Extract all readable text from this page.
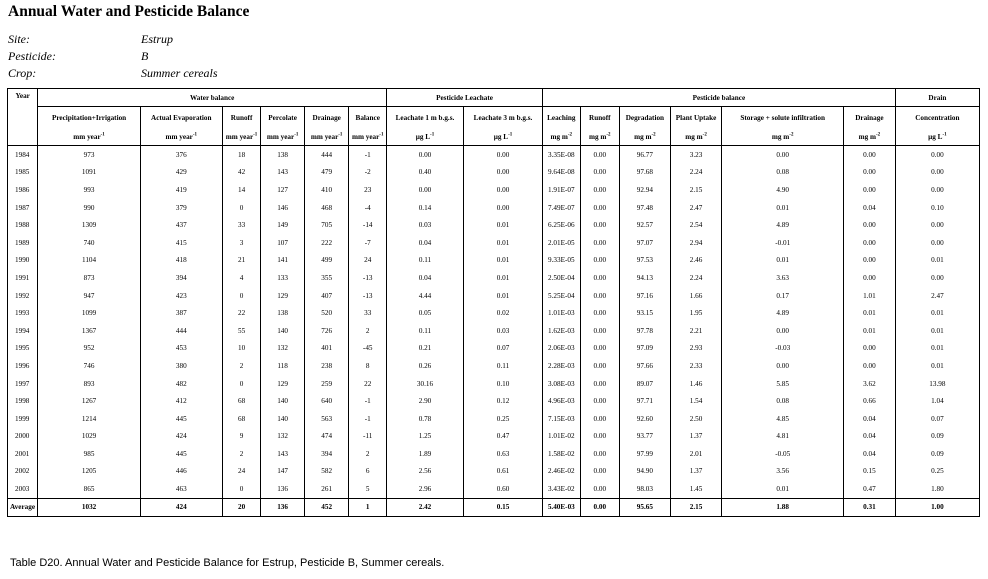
Annual Water and Pesticide Balance
Site:	Estrup
Pesticide:	B
Crop:	Summer cereals
Year	Water balance						Pesticide Leachate		Pesticide balance						Drain
	Precipitation+Irrigation	Actual Evaporation	Runoff	Percolate	Drainage	Balance	Leachate 1 m b.g.s.	Leachate 3 m b.g.s.	Leaching	Runoff	Degradation	Plant Uptake	Storage + solute infiltration	Drainage	Concentration
	mm year$^{-1}$	mm year$^{-1}$	mm year$^{-1}$	mm year$^{-1}$	mm year$^{-1}$	mm year$^{-1}$	µg $L^{-1}$	µg $L^{-1}$	mg $m^{-2}$	mg $m^{-2}$	mg $m^{-2}$	mg $m^{-2}$	mg $m^{-2}$	mg $m^{-2}$	µg $L^{-1}$
1984	973	376	18	138	444	-1	0.00	0.00	3.35E-08	0.00	96.77	3.23	0.00	0.00	0.00
1985	1091	429	42	143	479	-2	0.40	0.00	9.64E-08	0.00	97.68	2.24	0.08	0.00	0.00
1986	993	419	14	127	410	23	0.00	0.00	1.91E-07	0.00	92.94	2.15	4.90	0.00	0.00
1987	990	379	0	146	468	-4	0.14	0.00	7.49E-07	0.00	97.48	2.47	0.01	0.04	0.10
1988	1309	437	33	149	705	-14	0.03	0.01	6.25E-06	0.00	92.57	2.54	4.89	0.00	0.00
1989	740	415	3	107	222	-7	0.04	0.01	2.01E-05	0.00	97.07	2.94	-0.01	0.00	0.00
1990	1104	418	21	141	499	24	0.11	0.01	9.33E-05	0.00	97.53	2.46	0.01	0.00	0.01
1991	873	394	4	133	355	-13	0.04	0.01	2.50E-04	0.00	94.13	2.24	3.63	0.00	0.00
1992	947	423	0	129	407	-13	4.44	0.01	5.25E-04	0.00	97.16	1.66	0.17	1.01	2.47
1993	1099	387	22	138	520	33	0.05	0.02	1.01E-03	0.00	93.15	1.95	4.89	0.01	0.01
1994	1367	444	55	140	726	2	0.11	0.03	1.62E-03	0.00	97.78	2.21	0.00	0.01	0.01
1995	952	453	10	132	401	-45	0.21	0.07	2.06E-03	0.00	97.09	2.93	-0.03	0.00	0.01
1996	746	380	2	118	238	8	0.26	0.11	2.28E-03	0.00	97.66	2.33	0.00	0.00	0.01
1997	893	482	0	129	259	22	30.16	0.10	3.08E-03	0.00	89.07	1.46	5.85	3.62	13.98
1998	1267	412	68	140	640	-1	2.90	0.12	4.96E-03	0.00	97.71	1.54	0.08	0.66	1.04
1999	1214	445	68	140	563	-1	0.78	0.25	7.15E-03	0.00	92.60	2.50	4.85	0.04	0.07
2000	1029	424	9	132	474	-11	1.25	0.47	1.01E-02	0.00	93.77	1.37	4.81	0.04	0.09
2001	985	445	2	143	394	2	1.89	0.63	1.58E-02	0.00	97.99	2.01	-0.05	0.04	0.09
2002	1205	446	24	147	582	6	2.56	0.61	2.46E-02	0.00	94.90	1.37	3.56	0.15	0.25
2003	865	463	0	136	261	5	2.96	0.60	3.43E-02	0.00	98.03	1.45	0.01	0.47	1.80
Average	1032	424	20	136	452	1	2.42	0.15	5.40E-03	0.00	95.65	2.15	1.88	0.31	1.00
Table D20. Annual Water and Pesticide Balance for Estrup, Pesticide B, Summer cereals.
